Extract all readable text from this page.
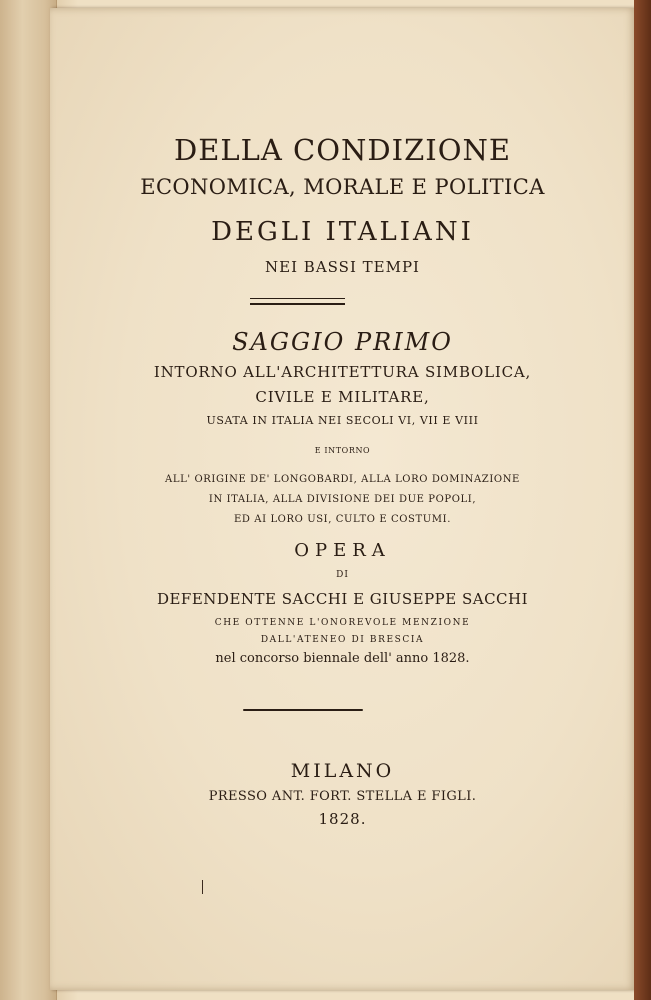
DELLA CONDIZIONE
ECONOMICA, MORALE E POLITICA
DEGLI ITALIANI
NEI BASSI TEMPI
SAGGIO PRIMO
INTORNO ALL'ARCHITETTURA SIMBOLICA,
CIVILE E MILITARE,
USATA IN ITALIA NEI SECOLI VI, VII E VIII
E INTORNO
ALL' ORIGINE DE' LONGOBARDI, ALLA LORO DOMINAZIONE
IN ITALIA, ALLA DIVISIONE DEI DUE POPOLI,
ED AI LORO USI, CULTO E COSTUMI.
OPERA
DI
DEFENDENTE SACCHI E GIUSEPPE SACCHI
CHE OTTENNE L'ONOREVOLE MENZIONE
DALL'ATENEO DI BRESCIA
nel concorso biennale dell' anno 1828.
MILANO
PRESSO ANT. FORT. STELLA E FIGLI.
1828.
